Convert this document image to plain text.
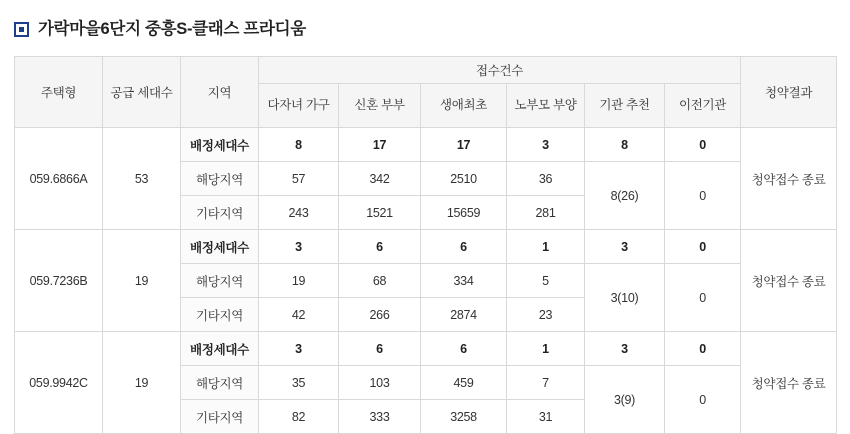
가락마을6단지 중흥S-클래스 프라디움
주택형	공급 세대수	지역	접수건수						청약결과
			다자녀 가구	신혼 부부	생애최초	노부모 부양	기관 추천	이전기관	
059.6866A	53	배정세대수	8	17	17	3	8	0	청약접수 종료
		해당지역	57	342	2510	36	8(26)	0	
		기타지역	243	1521	15659	281			
059.7236B	19	배정세대수	3	6	6	1	3	0	청약접수 종료
		해당지역	19	68	334	5	3(10)	0	
		기타지역	42	266	2874	23			
059.9942C	19	배정세대수	3	6	6	1	3	0	청약접수 종료
		해당지역	35	103	459	7	3(9)	0	
		기타지역	82	333	3258	31			
